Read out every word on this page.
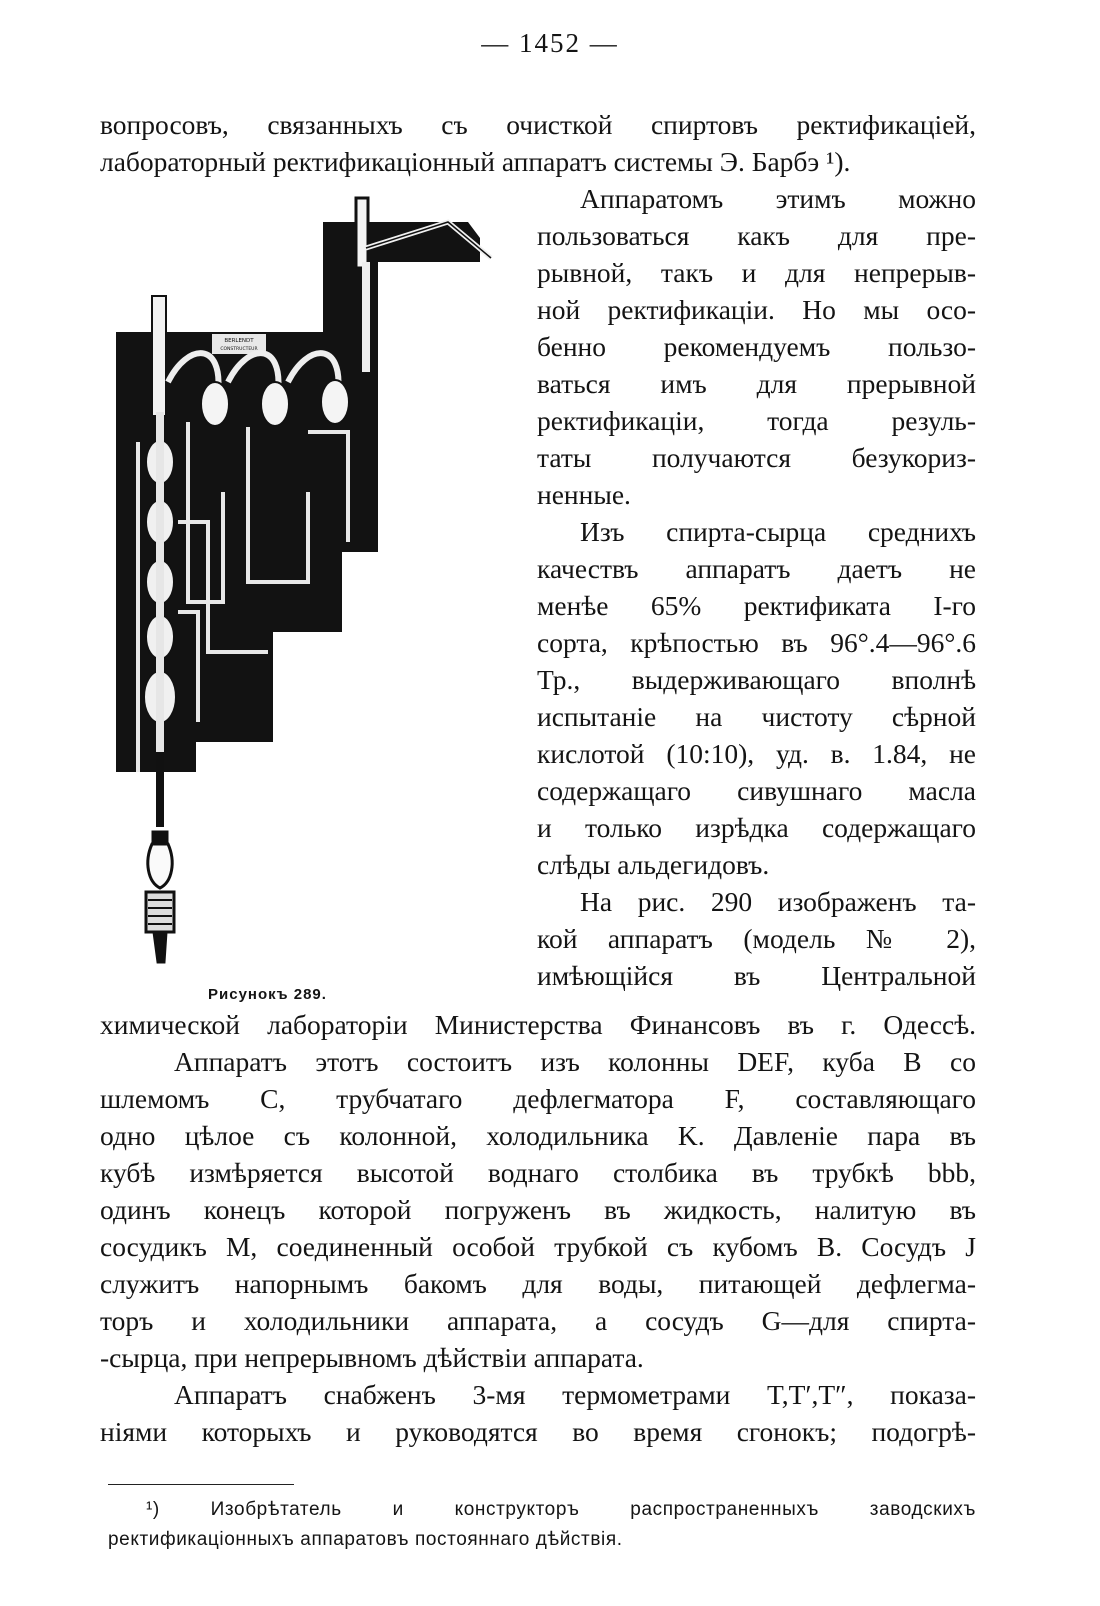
— 1452 —
вопросовъ, связанныхъ съ очисткой спиртовъ ректификаціей,
лабораторный ректификаціонный аппаратъ системы Э. Барбэ ¹).
BERLENDT
CONSTRUCTEUR
Рисунокъ 289.
Аппаратомъ этимъ можно
пользоваться какъ для пре-
рывной, такъ и для непрерыв-
ной ректификаціи. Но мы осо-
бенно рекомендуемъ пользо-
ваться имъ для прерывной
ректификаціи, тогда резуль-
таты получаются безукориз-
ненные.
Изъ спирта-сырца среднихъ
качествъ аппаратъ даетъ не
менѣе 65% ректификата I-го
сорта, крѣпостью въ 96°.4—96°.6
Тр., выдерживающаго вполнѣ
испытаніе на чистоту сѣрной
кислотой (10:10), уд. в. 1.84, не
содержащаго сивушнаго масла
и только изрѣдка содержащаго
слѣды альдегидовъ.
На рис. 290 изображенъ та-
кой аппаратъ (модель № 2),
имѣющійся въ Центральной
химической лабораторіи Министерства Финансовъ въ г. Одессѣ.
Аппаратъ этотъ состоитъ изъ колонны DEF, куба B со
шлемомъ C, трубчатаго дефлегматора F, составляющаго
одно цѣлое съ колонной, холодильника K. Давленіе пара въ
кубѣ измѣряется высотой воднаго столбика въ трубкѣ bbb,
одинъ конецъ которой погруженъ въ жидкость, налитую въ
сосудикъ M, соединенный особой трубкой съ кубомъ B. Сосудъ J
служитъ напорнымъ бакомъ для воды, питающей дефлегма-
торъ и холодильники аппарата, а сосудъ G—для спирта-
-сырца, при непрерывномъ дѣйствіи аппарата.
Аппаратъ снабженъ 3-мя термометрами T,T′,T″, показа-
ніями которыхъ и руководятся во время сгонокъ; подогрѣ-
¹) Изобрѣтатель и конструкторъ распространенныхъ заводскихъ
ректификаціонныхъ аппаратовъ постояннаго дѣйствія.
